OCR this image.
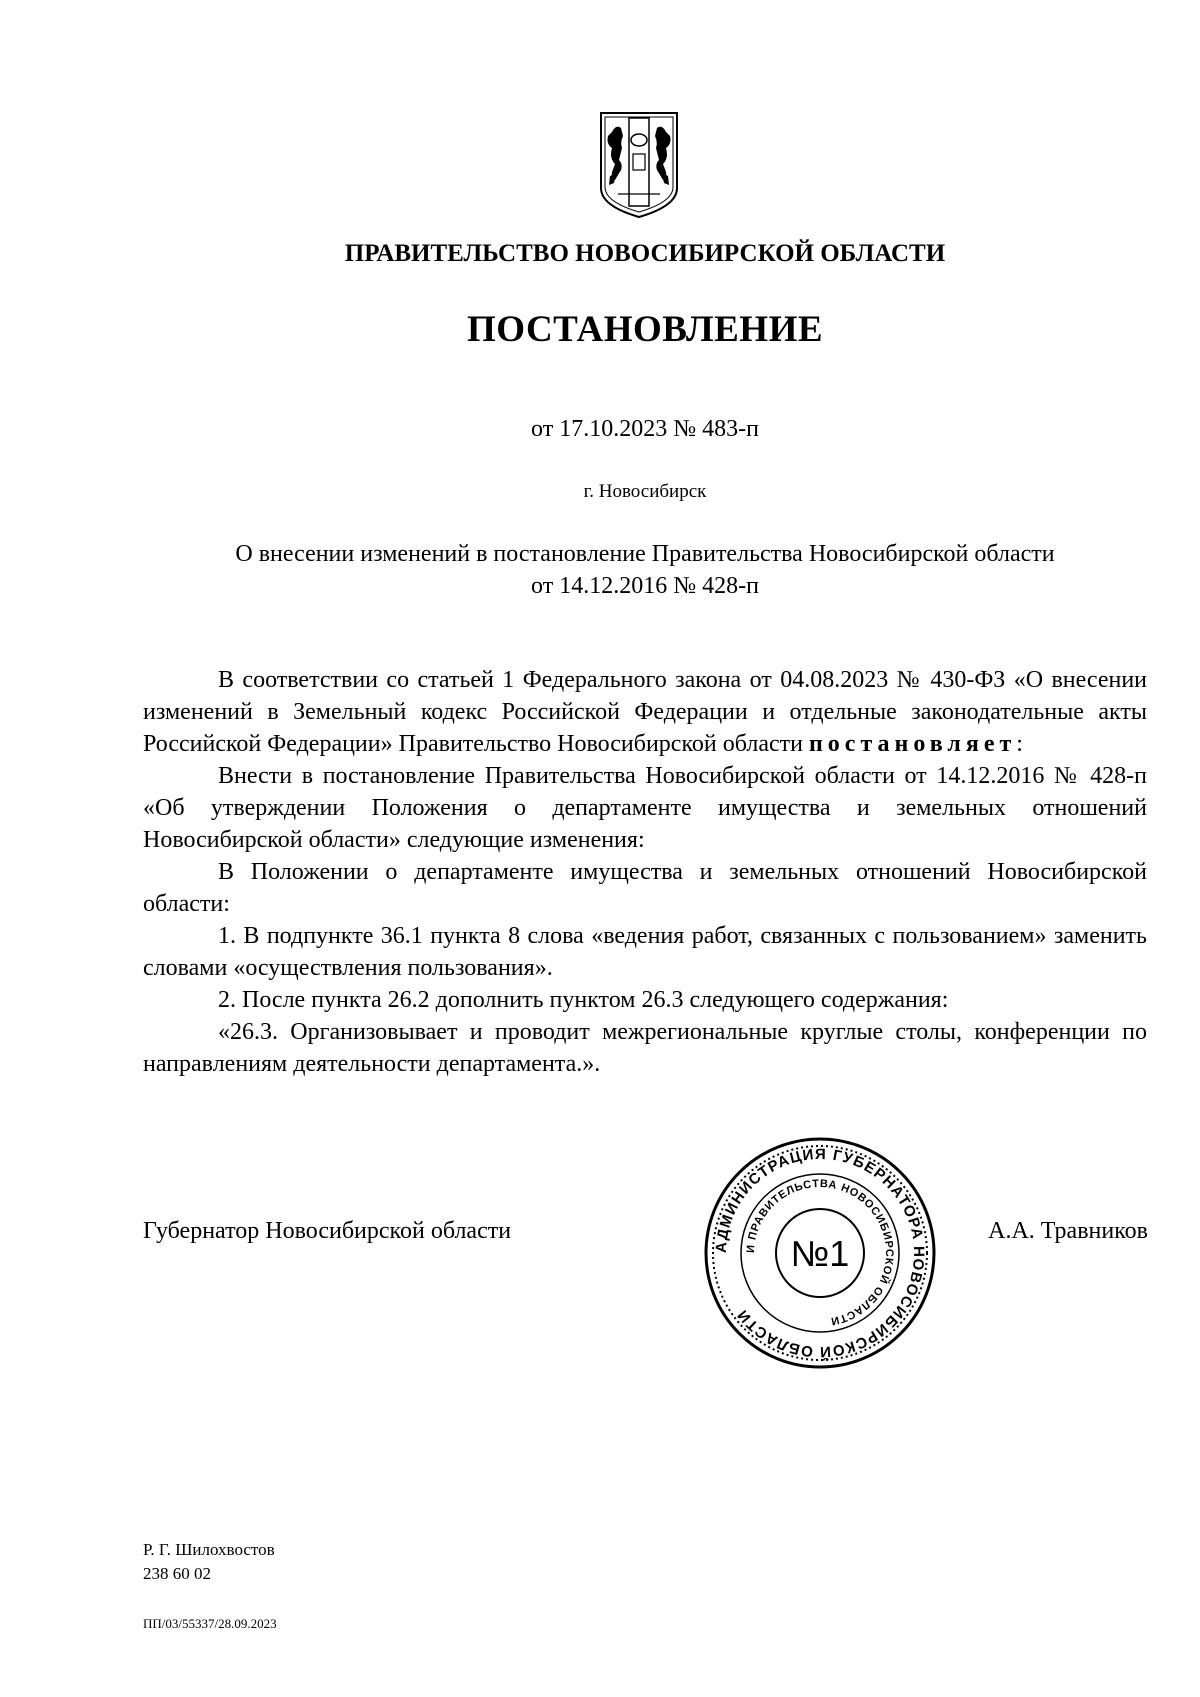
ПРАВИТЕЛЬСТВО НОВОСИБИРСКОЙ ОБЛАСТИ
ПОСТАНОВЛЕНИЕ
от 17.10.2023 № 483-п
г. Новосибирск
О внесении изменений в постановление Правительства Новосибирской области
от 14.12.2016 № 428-п

В соответствии со статьей 1 Федерального закона от 04.08.2023 № 430-ФЗ «О внесении изменений в Земельный кодекс Российской Федерации и отдельные законодательные акты Российской Федерации» Правительство Новосибирской области постановляет:

Внести в постановление Правительства Новосибирской области от 14.12.2016 № 428-п «Об утверждении Положения о департаменте имущества и земельных отношений Новосибирской области» следующие изменения:

В Положении о департаменте имущества и земельных отношений Новосибирской области:

1. В подпункте 36.1 пункта 8 слова «ведения работ, связанных с пользованием» заменить словами «осуществления пользования».

2. После пункта 26.2 дополнить пунктом 26.3 следующего содержания:

«26.3. Организовывает и проводит межрегиональные круглые столы, конференции по направлениям деятельности департамента.».

Губернатор Новосибирской области	А.А. Травников
АДМИНИСТРАЦИЯ ГУБЕРНАТОРА НОВОСИБИРСКОЙ ОБЛАСТИ
И ПРАВИТЕЛЬСТВА НОВОСИБИРСКОЙ ОБЛАСТИ
№1
Р. Г. Шилохвостов
238 60 02
ПП/03/55337/28.09.2023
